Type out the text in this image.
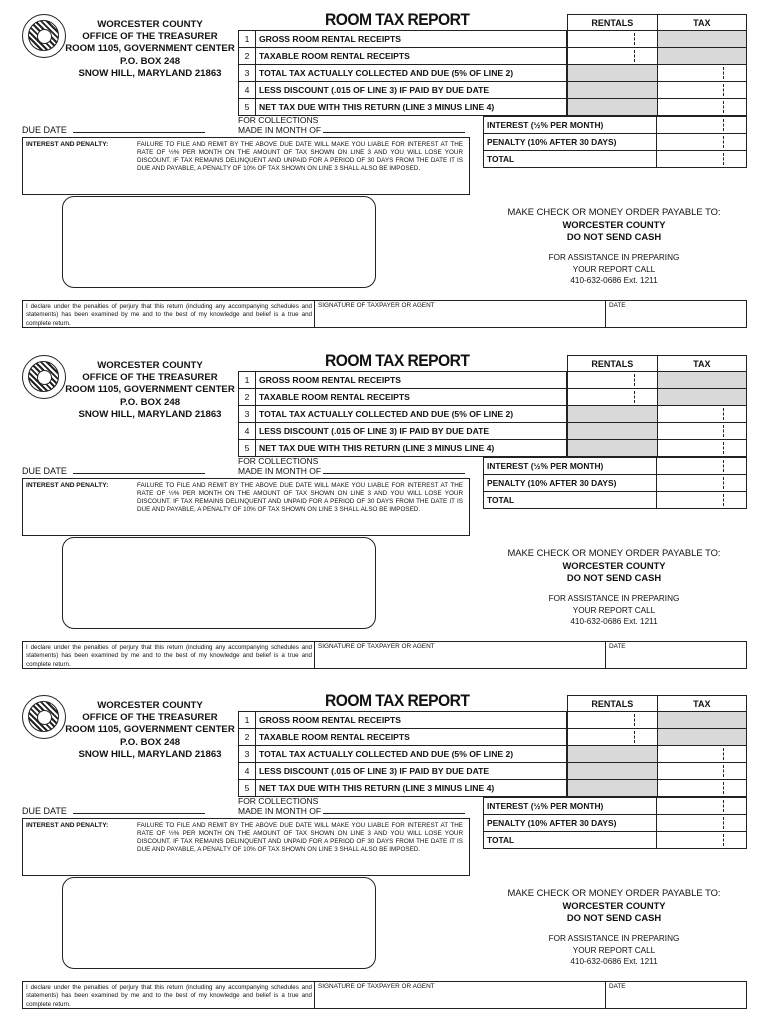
WORCESTER COUNTY
OFFICE OF THE TREASURER
ROOM 1105, GOVERNMENT CENTER
P.O. BOX 248
SNOW HILL, MARYLAND 21863
ROOM TAX REPORT	RENTALS	TAX

1	GROSS ROOM RENTAL RECEIPTS
2	TAXABLE ROOM RENTAL RECEIPTS
3	TOTAL TAX ACTUALLY COLLECTED AND DUE (5% OF LINE 2)
4	LESS DISCOUNT (.015 OF LINE 3) IF PAID BY DUE DATE
5	NET TAX DUE WITH THIS RETURN (LINE 3 MINUS LINE 4)
INTEREST (½% PER MONTH)	
PENALTY (10% AFTER 30 DAYS)	
TOTAL	
DUE DATE
FOR COLLECTIONS
MADE IN MONTH OF
INTEREST AND PENALTY:	FAILURE TO FILE AND REMIT BY THE ABOVE DUE DATE WILL MAKE YOU LIABLE FOR INTEREST AT THE RATE OF ½% PER MONTH ON THE AMOUNT OF TAX SHOWN ON LINE 3 AND YOU WILL LOSE YOUR DISCOUNT. IF TAX REMAINS DELINQUENT AND UNPAID FOR A PERIOD OF 30 DAYS FROM THE DATE IT IS DUE AND PAYABLE, A PENALTY OF 10% OF TAX SHOWN ON LINE 3 SHALL ALSO BE IMPOSED.
MAKE CHECK OR MONEY ORDER PAYABLE TO:
WORCESTER COUNTY
DO NOT SEND CASH
FOR ASSISTANCE IN PREPARING
YOUR REPORT CALL
410-632-0686 Ext. 1211
I declare under the penalties of perjury that this return (including any accompanying schedules and statements) has been examined by me and to the best of my knowledge and belief is a true and complete return.
SIGNATURE OF TAXPAYER OR AGENT	DATE
WORCESTER COUNTY
OFFICE OF THE TREASURER
ROOM 1105, GOVERNMENT CENTER
P.O. BOX 248
SNOW HILL, MARYLAND 21863
ROOM TAX REPORT	RENTALS	TAX

1	GROSS ROOM RENTAL RECEIPTS
2	TAXABLE ROOM RENTAL RECEIPTS
3	TOTAL TAX ACTUALLY COLLECTED AND DUE (5% OF LINE 2)
4	LESS DISCOUNT (.015 OF LINE 3) IF PAID BY DUE DATE
5	NET TAX DUE WITH THIS RETURN (LINE 3 MINUS LINE 4)
INTEREST (½% PER MONTH)	
PENALTY (10% AFTER 30 DAYS)	
TOTAL	
DUE DATE
FOR COLLECTIONS
MADE IN MONTH OF
INTEREST AND PENALTY:	FAILURE TO FILE AND REMIT BY THE ABOVE DUE DATE WILL MAKE YOU LIABLE FOR INTEREST AT THE RATE OF ½% PER MONTH ON THE AMOUNT OF TAX SHOWN ON LINE 3 AND YOU WILL LOSE YOUR DISCOUNT. IF TAX REMAINS DELINQUENT AND UNPAID FOR A PERIOD OF 30 DAYS FROM THE DATE IT IS DUE AND PAYABLE, A PENALTY OF 10% OF TAX SHOWN ON LINE 3 SHALL ALSO BE IMPOSED.
MAKE CHECK OR MONEY ORDER PAYABLE TO:
WORCESTER COUNTY
DO NOT SEND CASH
FOR ASSISTANCE IN PREPARING
YOUR REPORT CALL
410-632-0686 Ext. 1211
I declare under the penalties of perjury that this return (including any accompanying schedules and statements) has been examined by me and to the best of my knowledge and belief is a true and complete return.
SIGNATURE OF TAXPAYER OR AGENT	DATE
WORCESTER COUNTY
OFFICE OF THE TREASURER
ROOM 1105, GOVERNMENT CENTER
P.O. BOX 248
SNOW HILL, MARYLAND 21863
ROOM TAX REPORT	RENTALS	TAX

1	GROSS ROOM RENTAL RECEIPTS
2	TAXABLE ROOM RENTAL RECEIPTS
3	TOTAL TAX ACTUALLY COLLECTED AND DUE (5% OF LINE 2)
4	LESS DISCOUNT (.015 OF LINE 3) IF PAID BY DUE DATE
5	NET TAX DUE WITH THIS RETURN (LINE 3 MINUS LINE 4)
INTEREST (½% PER MONTH)	
PENALTY (10% AFTER 30 DAYS)	
TOTAL	
DUE DATE
FOR COLLECTIONS
MADE IN MONTH OF
INTEREST AND PENALTY:	FAILURE TO FILE AND REMIT BY THE ABOVE DUE DATE WILL MAKE YOU LIABLE FOR INTEREST AT THE RATE OF ½% PER MONTH ON THE AMOUNT OF TAX SHOWN ON LINE 3 AND YOU WILL LOSE YOUR DISCOUNT. IF TAX REMAINS DELINQUENT AND UNPAID FOR A PERIOD OF 30 DAYS FROM THE DATE IT IS DUE AND PAYABLE, A PENALTY OF 10% OF TAX SHOWN ON LINE 3 SHALL ALSO BE IMPOSED.
MAKE CHECK OR MONEY ORDER PAYABLE TO:
WORCESTER COUNTY
DO NOT SEND CASH
FOR ASSISTANCE IN PREPARING
YOUR REPORT CALL
410-632-0686 Ext. 1211
I declare under the penalties of perjury that this return (including any accompanying schedules and statements) has been examined by me and to the best of my knowledge and belief is a true and complete return.
SIGNATURE OF TAXPAYER OR AGENT	DATE
